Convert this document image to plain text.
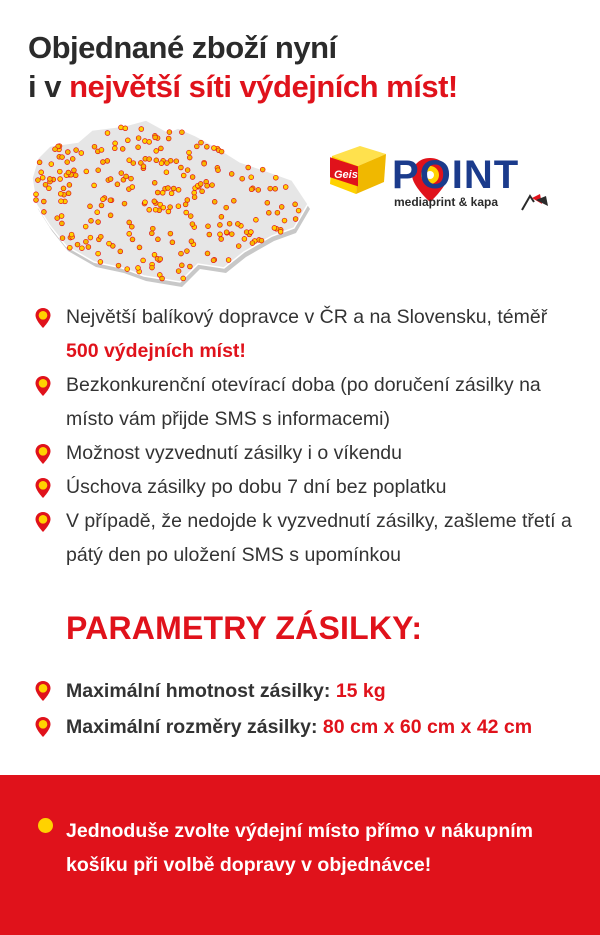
Objednané zboží nyní
i v největší síti výdejních míst!
Geis POINT
mediaprint & kapa
Největší balíkový dopravce v ČR a na Slovensku, téměř 500 výdejních míst!
Bezkonkurenční otevírací doba (po doručení zásilky na místo vám přijde SMS s informacemi)
Možnost vyzvednutí zásilky i o víkendu
Úschova zásilky po dobu 7 dní bez poplatku
V případě, že nedojde k vyzvednutí zásilky, zašleme třetí a pátý den po uložení SMS s upomínkou
PARAMETRY ZÁSILKY:
Maximální hmotnost zásilky: 15 kg
Maximální rozměry zásilky: 80 cm x 60 cm x 42 cm

Jednoduše zvolte výdejní místo přímo v nákupním košíku při volbě dopravy v objednávce!
